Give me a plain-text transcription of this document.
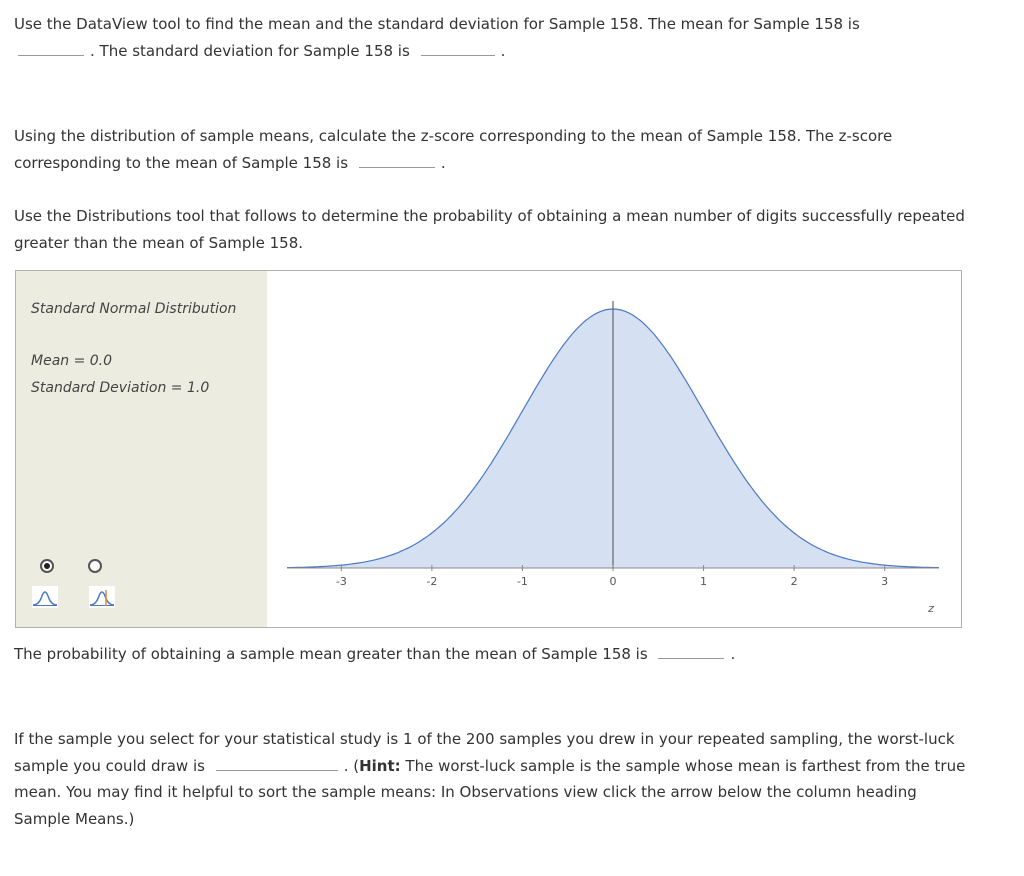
Use the DataView tool to find the mean and the standard deviation for Sample 158. The mean for Sample 158 is
. The standard deviation for Sample 158 is	.

Using the distribution of sample means, calculate the z-score corresponding to the mean of Sample 158. The z-score corresponding to the mean of Sample 158 is	.

Use the Distributions tool that follows to determine the probability of obtaining a mean number of digits successfully repeated greater than the mean of Sample 158.

Standard Normal Distribution
Mean = 0.0
Standard Deviation = 1.0
-3	-2	-1	0	1	2	3
z

The probability of obtaining a sample mean greater than the mean of Sample 158 is	.

If the sample you select for your statistical study is 1 of the 200 samples you drew in your repeated sampling, the worst-luck sample you could draw is	. (Hint: The worst-luck sample is the sample whose mean is farthest from the true mean. You may find it helpful to sort the sample means: In Observations view click the arrow below the column heading Sample Means.)
